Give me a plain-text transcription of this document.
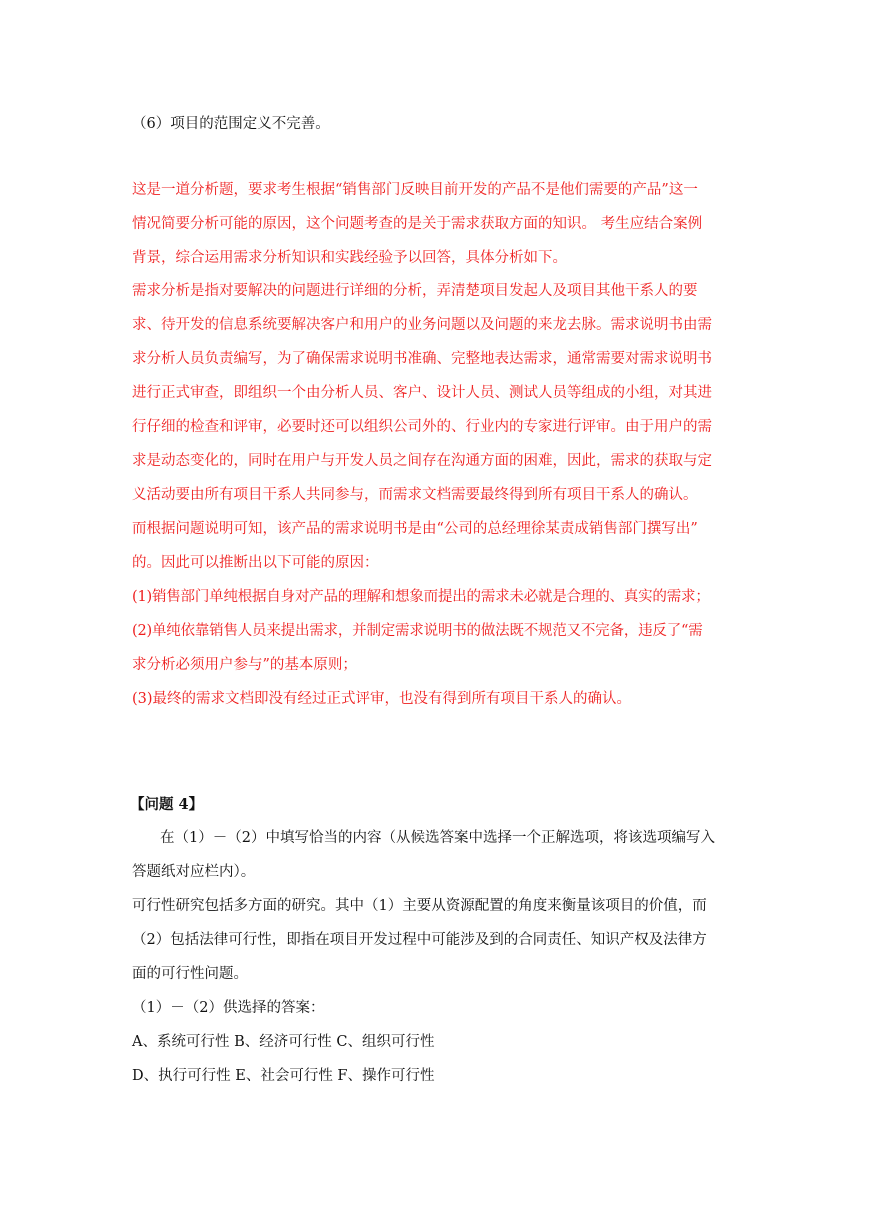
（6）项目的范围定义不完善。
这是一道分析题，要求考生根据“销售部门反映目前开发的产品不是他们需要的产品”这一
情况简要分析可能的原因，这个问题考查的是关于需求获取方面的知识。 考生应结合案例
背景，综合运用需求分析知识和实践经验予以回答，具体分析如下。
需求分析是指对要解决的问题进行详细的分析，弄清楚项目发起人及项目其他干系人的要
求、待开发的信息系统要解决客户和用户的业务问题以及问题的来龙去脉。需求说明书由需
求分析人员负责编写，为了确保需求说明书准确、完整地表达需求，通常需要对需求说明书
进行正式审查，即组织一个由分析人员、客户、设计人员、测试人员等组成的小组，对其进
行仔细的检查和评审，必要时还可以组织公司外的、行业内的专家进行评审。由于用户的需
求是动态变化的，同时在用户与开发人员之间存在沟通方面的困难，因此，需求的获取与定
义活动要由所有项目干系人共同参与，而需求文档需要最终得到所有项目干系人的确认。
而根据问题说明可知，该产品的需求说明书是由“公司的总经理徐某责成销售部门撰写出”
的。因此可以推断出以下可能的原因：
(1)销售部门单纯根据自身对产品的理解和想象而提出的需求未必就是合理的、真实的需求；
(2)单纯依靠销售人员来提出需求，并制定需求说明书的做法既不规范又不完备，违反了“需
求分析必须用户参与”的基本原则；
(3)最终的需求文档即没有经过正式评审，也没有得到所有项目干系人的确认。
【问题 4】
在（1）－（2）中填写恰当的内容（从候选答案中选择一个正解选项，将该选项编写入
答题纸对应栏内）。
可行性研究包括多方面的研究。其中（1）主要从资源配置的角度来衡量该项目的价值，而
（2）包括法律可行性，即指在项目开发过程中可能涉及到的合同责任、知识产权及法律方
面的可行性问题。
（1）－（2）供选择的答案：
A、系统可行性 B、经济可行性 C、组织可行性
D、执行可行性 E、社会可行性 F、操作可行性
